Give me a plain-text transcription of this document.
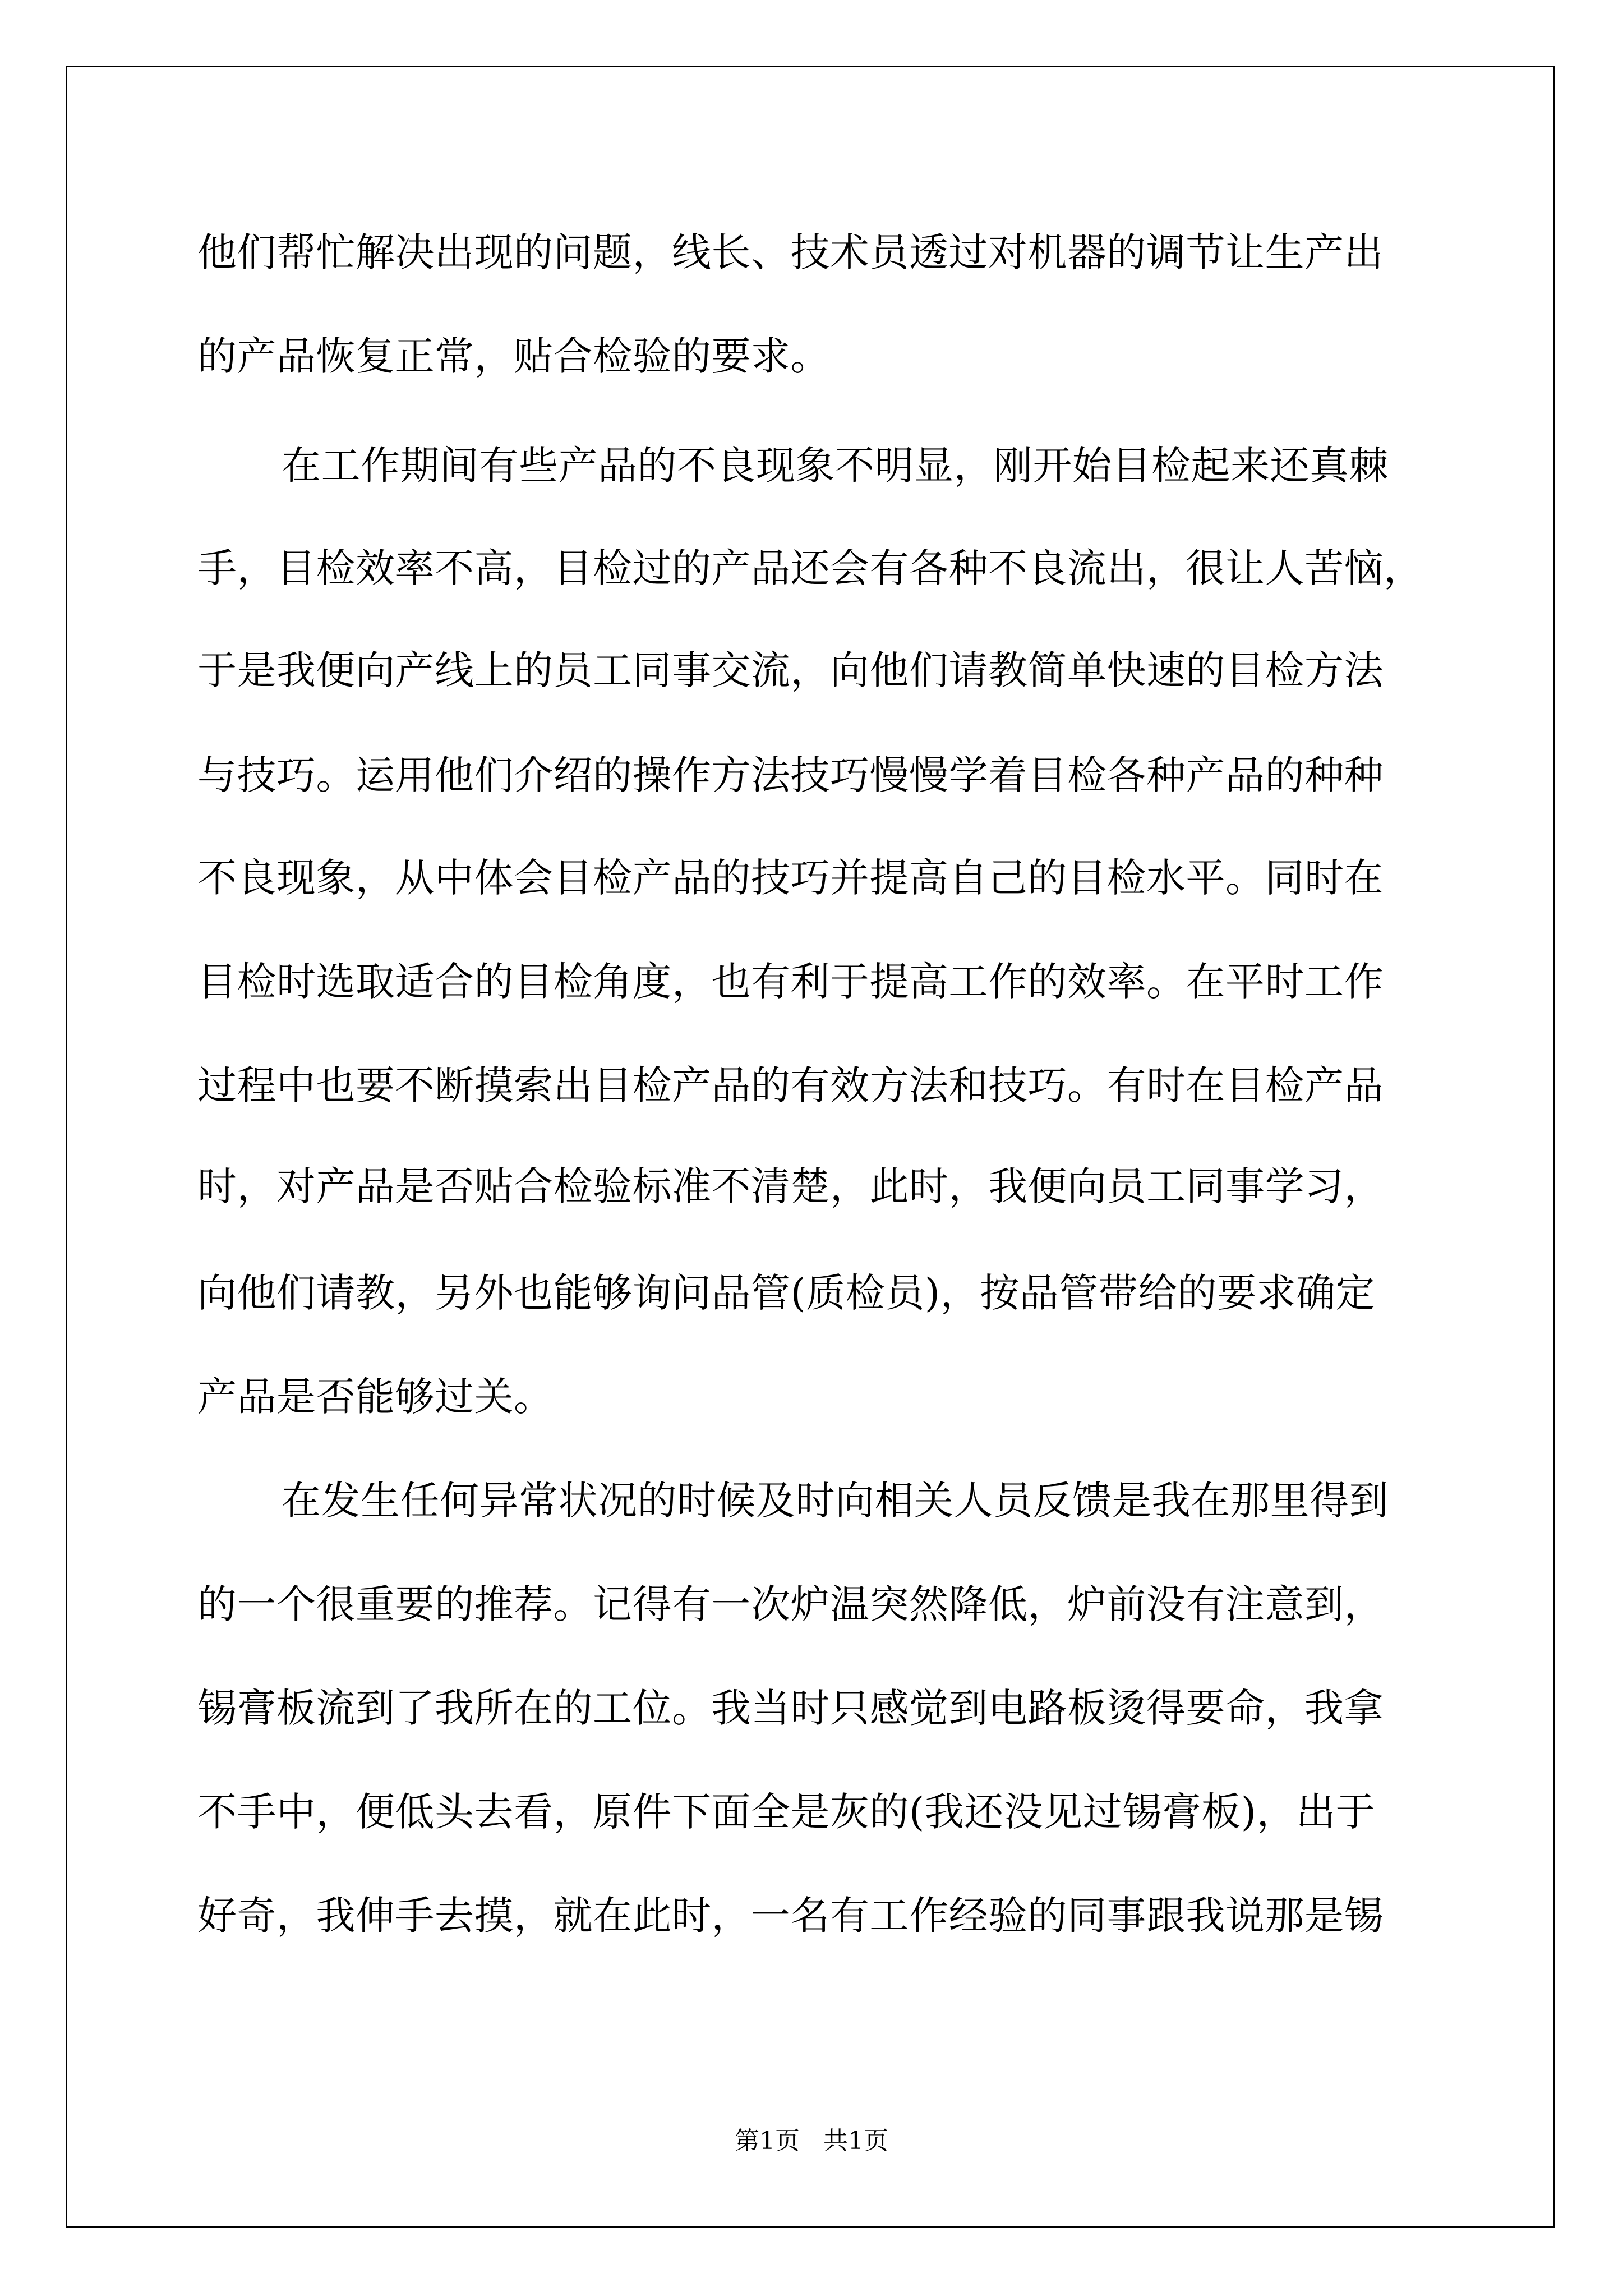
他们帮忙解决出现的问题，线长、技术员透过对机器的调节让生产出
的产品恢复正常，贴合检验的要求。
在工作期间有些产品的不良现象不明显，刚开始目检起来还真棘
手，目检效率不高，目检过的产品还会有各种不良流出，很让人苦恼，
于是我便向产线上的员工同事交流，向他们请教简单快速的目检方法
与技巧。运用他们介绍的操作方法技巧慢慢学着目检各种产品的种种
不良现象，从中体会目检产品的技巧并提高自己的目检水平。同时在
目检时选取适合的目检角度，也有利于提高工作的效率。在平时工作
过程中也要不断摸索出目检产品的有效方法和技巧。有时在目检产品
时，对产品是否贴合检验标准不清楚，此时，我便向员工同事学习，
向他们请教，另外也能够询问品管(质检员)，按品管带给的要求确定
产品是否能够过关。
在发生任何异常状况的时候及时向相关人员反馈是我在那里得到
的一个很重要的推荐。记得有一次炉温突然降低，炉前没有注意到，
锡膏板流到了我所在的工位。我当时只感觉到电路板烫得要命，我拿
不手中，便低头去看，原件下面全是灰的(我还没见过锡膏板)，出于
好奇，我伸手去摸，就在此时，一名有工作经验的同事跟我说那是锡
第1页   共1页
